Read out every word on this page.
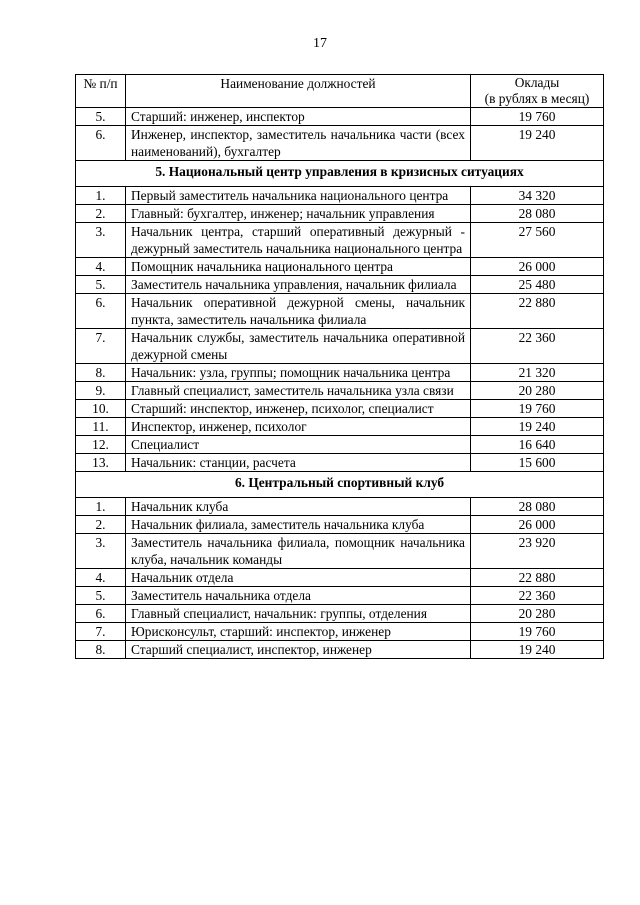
17
№ п/п	Наименование должностей	Оклады
(в рублях в месяц)

5.	Старший: инженер, инспектор	19 760
6.	Инженер, инспектор, заместитель начальника части (всех наименований), бухгалтер	19 240
5. Национальный центр управления в кризисных ситуациях		
1.	Первый заместитель начальника национального центра	34 320
2.	Главный: бухгалтер, инженер; начальник управления	28 080
3.	Начальник центра, старший оперативный дежурный - дежурный заместитель начальника национального центра	27 560
4.	Помощник начальника национального центра	26 000
5.	Заместитель начальника управления, начальник филиала	25 480
6.	Начальник оперативной дежурной смены, начальник пункта, заместитель начальника филиала	22 880
7.	Начальник службы, заместитель начальника оперативной дежурной смены	22 360
8.	Начальник: узла, группы; помощник начальника центра	21 320
9.	Главный специалист, заместитель начальника узла связи	20 280
10.	Старший: инспектор, инженер, психолог, специалист	19 760
11.	Инспектор, инженер, психолог	19 240
12.	Специалист	16 640
13.	Начальник: станции, расчета	15 600
6. Центральный спортивный клуб		
1.	Начальник клуба	28 080
2.	Начальник филиала, заместитель начальника клуба	26 000
3.	Заместитель начальника филиала, помощник начальника клуба, начальник команды	23 920
4.	Начальник отдела	22 880
5.	Заместитель начальника отдела	22 360
6.	Главный специалист, начальник: группы, отделения	20 280
7.	Юрисконсульт, старший: инспектор, инженер	19 760
8.	Старший специалист, инспектор, инженер	19 240
